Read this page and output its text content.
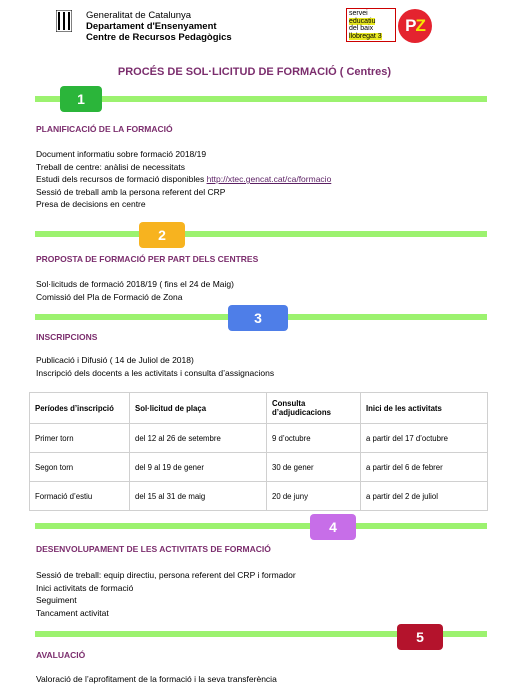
Generalitat de Catalunya
Departament d'Ensenyament
Centre de Recursos Pedagògics
servei
educatiu
del baix
llobregat 3
PZ
PROCÉS DE SOL·LICITUD DE FORMACIÓ ( Centres)
1
PLANIFICACIÓ DE LA FORMACIÓ
Document informatiu sobre formació 2018/19
Treball de centre: anàlisi de necessitats
Estudi dels recursos de formació disponibles http://xtec.gencat.cat/ca/formacio
Sessió de treball amb la persona referent del CRP
Presa de decisions en centre
2
PROPOSTA DE FORMACIÓ PER PART DELS CENTRES
Sol·licituds de formació 2018/19 ( fins el 24 de Maig)
Comissió del Pla de Formació de Zona
3
INSCRIPCIONS
Publicació i Difusió ( 14 de Juliol de 2018)
Inscripció dels docents a les activitats i consulta d’assignacions
Períodes d’inscripció	Sol·licitud de plaça	Consulta d’adjudicacions	Inici de les activitats
Primer torn	del 12 al 26 de setembre	9 d’octubre	a partir del 17 d’octubre
Segon torn	del 9 al 19 de gener	30 de gener	a partir del 6 de febrer
Formació d’estiu	del 15 al 31 de maig	20 de juny	a partir del 2 de juliol
4
DESENVOLUPAMENT DE LES ACTIVITATS DE FORMACIÓ
Sessió de treball: equip directiu, persona referent del CRP i formador
Inici activitats de formació
Seguiment
Tancament activitat
5
AVALUACIÓ
Valoració de l’aprofitament de la formació i la seva transferència
